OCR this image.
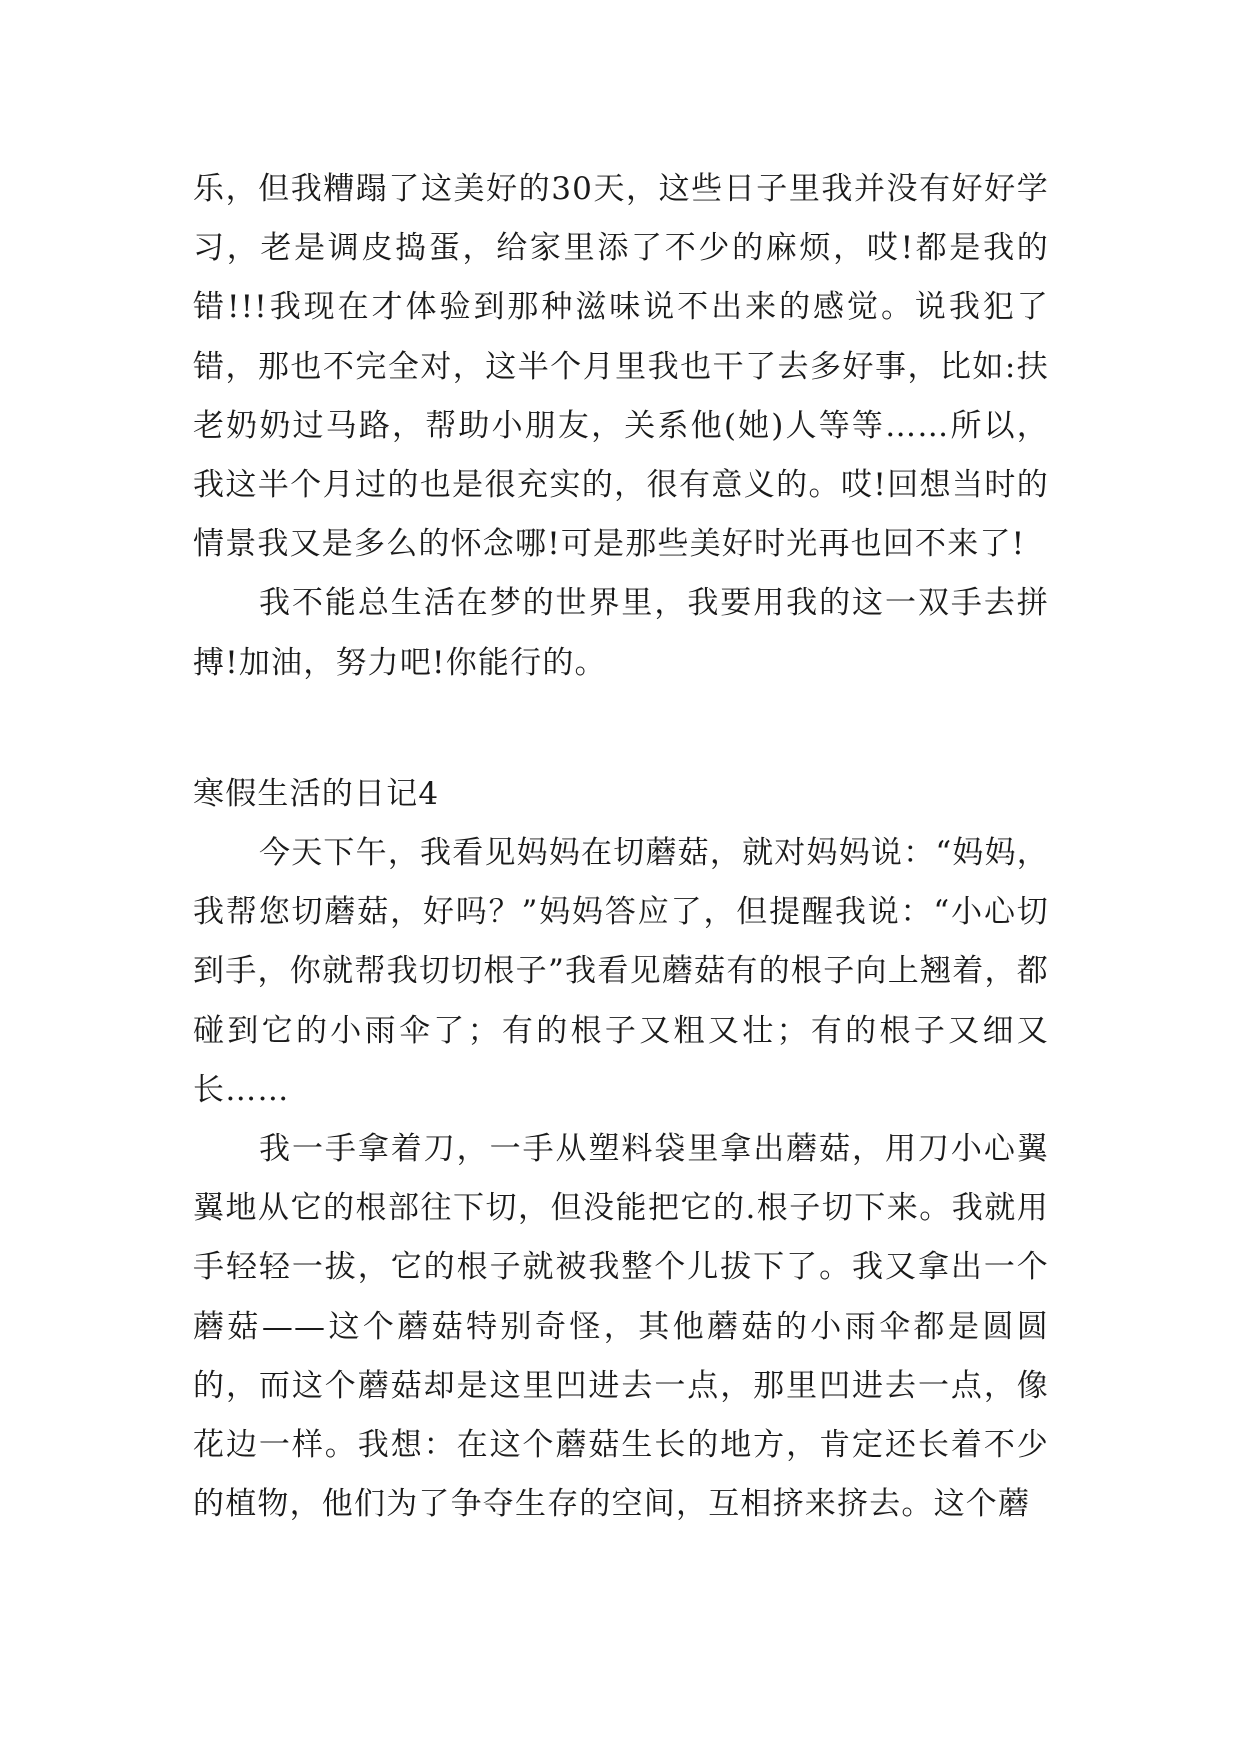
乐，但我糟蹋了这美好的30天，这些日子里我并没有好好学习，老是调皮捣蛋，给家里添了不少的麻烦，哎!都是我的错!!!我现在才体验到那种滋味说不出来的感觉。说我犯了错，那也不完全对，这半个月里我也干了去多好事，比如:扶老奶奶过马路，帮助小朋友，关系他(她)人等等……所以，我这半个月过的也是很充实的，很有意义的。哎!回想当时的情景我又是多么的怀念哪!可是那些美好时光再也回不来了!

我不能总生活在梦的世界里，我要用我的这一双手去拼搏!加油，努力吧!你能行的。

寒假生活的日记4

今天下午，我看见妈妈在切蘑菇，就对妈妈说：“妈妈，我帮您切蘑菇，好吗？”妈妈答应了，但提醒我说：“小心切到手，你就帮我切切根子”我看见蘑菇有的根子向上翘着，都碰到它的小雨伞了；有的根子又粗又壮；有的根子又细又长……

我一手拿着刀，一手从塑料袋里拿出蘑菇，用刀小心翼翼地从它的根部往下切，但没能把它的.根子切下来。我就用手轻轻一拔，它的根子就被我整个儿拔下了。我又拿出一个蘑菇——这个蘑菇特别奇怪，其他蘑菇的小雨伞都是圆圆的，而这个蘑菇却是这里凹进去一点，那里凹进去一点，像花边一样。我想：在这个蘑菇生长的地方，肯定还长着不少的植物，他们为了争夺生存的空间，互相挤来挤去。这个蘑
